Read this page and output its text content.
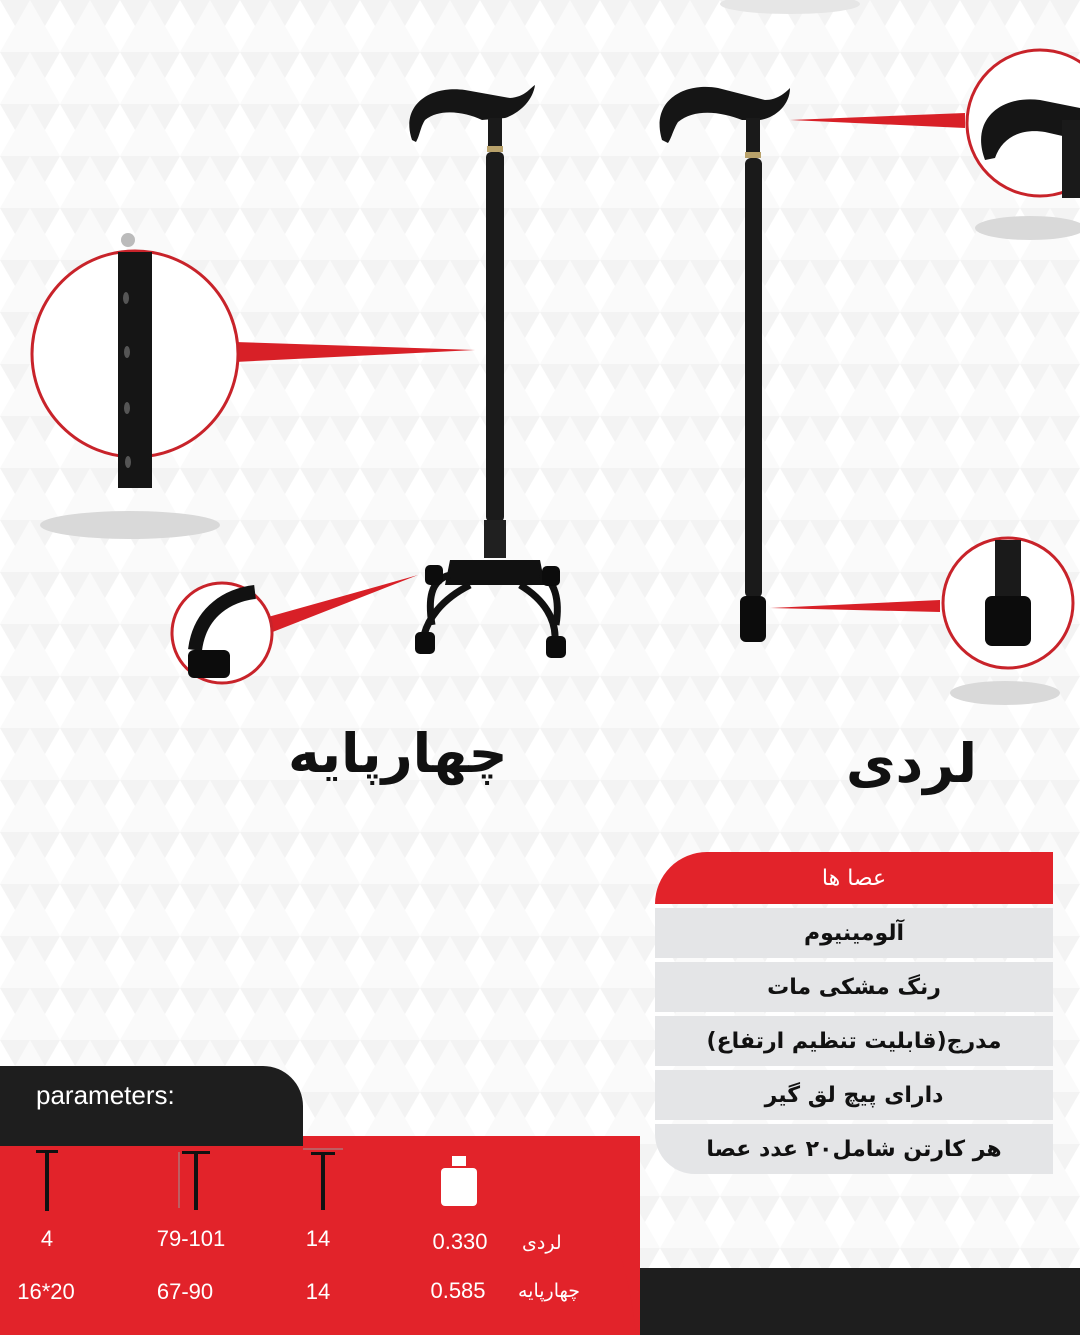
چهارپایه	لردی
عصا ها
آلومینیوم
رنگ مشکی مات
مدرج(قابلیت تنظیم ارتفاع)
دارای پیچ لق گیر
هر کارتن شامل۲۰ عدد عصا
parameters:
لردی
0.330
14
79-101
4
چهارپایه
0.585
14
67-90
16*20
